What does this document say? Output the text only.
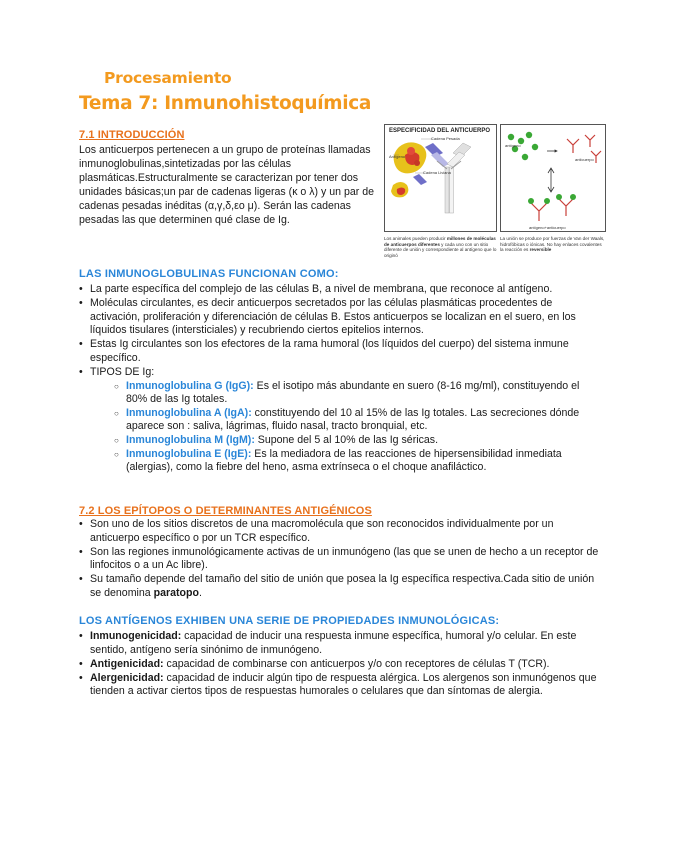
Procesamiento
Tema 7: Inmunohistoquímica
7.1 INTRODUCCIÓN
Los anticuerpos pertenecen a un grupo de proteínas llamadas inmunoglobulinas,sintetizadas por las células plasmáticas.Estructuralmente se caracterizan por tener dos unidades básicas;un par de cadenas ligeras (κ o λ) y un par de cadenas pesadas inéditas (α,γ,δ,εo μ). Serán las cadenas pesadas las que determinen qué clase de Ig.
Cadena Pesada
Antígeno
Cadena Liviana
ESPECIFICIDAD DEL ANTICUERPO
Los animales pueden producir millones de moléculas de anticuerpos diferentes y cada uno con un sitio diferente de unión y correspondiente al antígeno que lo originó
antígeno
anticuerpo
antígeno+anticuerpo
La unión se produce por fuerzas de Van der Waals, hidrofóbicas o iónicas. No hay enlaces covalentes la reacción es reversible
LAS INMUNOGLOBULINAS FUNCIONAN COMO:
• La parte específica del complejo de las células B, a nivel de membrana, que reconoce al antígeno.
• Moléculas circulantes, es decir anticuerpos secretados por las células plasmáticas procedentes de activación, proliferación y diferenciación de células B. Estos anticuerpos se localizan en el suero, en los líquidos tisulares (intersticiales) y recubriendo ciertos epitelios internos.
• Estas Ig circulantes son los efectores de la rama humoral (los líquidos del cuerpo) del sistema inmune específico.
• TIPOS DE Ig:
○ Inmunoglobulina G (IgG): Es el isotipo más abundante en suero (8-16 mg/ml), constituyendo el 80% de las Ig totales.
○ Inmunoglobulina A (IgA): constituyendo del 10 al 15% de las Ig totales. Las secreciones dónde aparece son : saliva, lágrimas, fluido nasal, tracto bronquial, etc.
○ Inmunoglobulina M (IgM): Supone del 5 al 10% de las Ig séricas.
○ Inmunoglobulina E (IgE): Es la mediadora de las reacciones de hipersensibilidad inmediata (alergias), como la fiebre del heno, asma extrínseca o el choque anafiláctico.
7.2 LOS EPÍTOPOS O DETERMINANTES ANTIGÉNICOS
• Son uno de los sitios discretos de una macromolécula que son reconocidos individualmente por un anticuerpo específico o por un TCR específico.
• Son las regiones inmunológicamente activas de un inmunógeno (las que se unen de hecho a un receptor de linfocitos o a un Ac libre).
• Su tamaño depende del tamaño del sitio de unión que posea la Ig específica respectiva.Cada sitio de unión se denomina paratopo.
LOS ANTÍGENOS EXHIBEN UNA SERIE DE PROPIEDADES INMUNOLÓGICAS:
• Inmunogenicidad: capacidad de inducir una respuesta inmune específica, humoral y/o celular. En este sentido, antígeno sería sinónimo de inmunógeno.
• Antigenicidad: capacidad de combinarse con anticuerpos y/o con receptores de células T (TCR).
• Alergenicidad: capacidad de inducir algún tipo de respuesta alérgica. Los alergenos son inmunógenos que tienden a activar ciertos tipos de respuestas humorales o celulares que dan síntomas de alergia.
